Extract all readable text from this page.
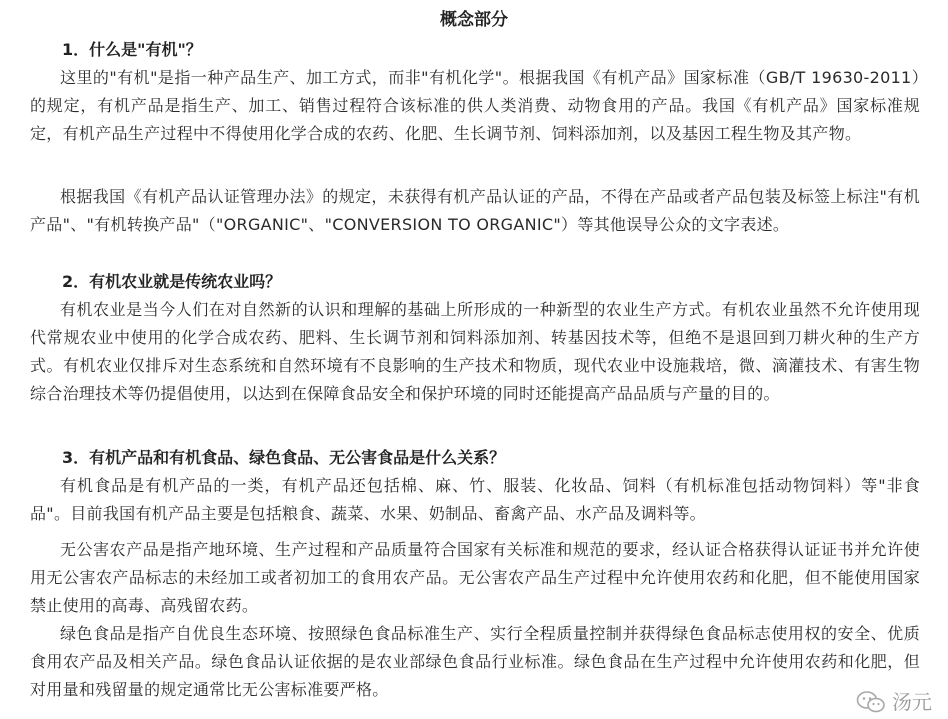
概念部分
1．什么是"有机"？

这里的"有机"是指一种产品生产、加工方式，而非"有机化学"。根据我国《有机产品》国家标准（GB/T 19630-2011）的规定，有机产品是指生产、加工、销售过程符合该标准的供人类消费、动物食用的产品。我国《有机产品》国家标准规定，有机产品生产过程中不得使用化学合成的农药、化肥、生长调节剂、饲料添加剂，以及基因工程生物及其产物。

根据我国《有机产品认证管理办法》的规定，未获得有机产品认证的产品，不得在产品或者产品包装及标签上标注"有机产品"、"有机转换产品"（"ORGANIC"、"CONVERSION TO ORGANIC"）等其他误导公众的文字表述。

2．有机农业就是传统农业吗？

有机农业是当今人们在对自然新的认识和理解的基础上所形成的一种新型的农业生产方式。有机农业虽然不允许使用现代常规农业中使用的化学合成农药、肥料、生长调节剂和饲料添加剂、转基因技术等，但绝不是退回到刀耕火种的生产方式。有机农业仅排斥对生态系统和自然环境有不良影响的生产技术和物质，现代农业中设施栽培，微、滴灌技术、有害生物综合治理技术等仍提倡使用，以达到在保障食品安全和保护环境的同时还能提高产品品质与产量的目的。

3．有机产品和有机食品、绿色食品、无公害食品是什么关系？

有机食品是有机产品的一类，有机产品还包括棉、麻、竹、服装、化妆品、饲料（有机标准包括动物饲料）等"非食品"。目前我国有机产品主要是包括粮食、蔬菜、水果、奶制品、畜禽产品、水产品及调料等。

无公害农产品是指产地环境、生产过程和产品质量符合国家有关标准和规范的要求，经认证合格获得认证证书并允许使用无公害农产品标志的未经加工或者初加工的食用农产品。无公害农产品生产过程中允许使用农药和化肥，但不能使用国家禁止使用的高毒、高残留农药。

绿色食品是指产自优良生态环境、按照绿色食品标准生产、实行全程质量控制并获得绿色食品标志使用权的安全、优质食用农产品及相关产品。绿色食品认证依据的是农业部绿色食品行业标准。绿色食品在生产过程中允许使用农药和化肥，但对用量和残留量的规定通常比无公害标准要严格。

汤元
